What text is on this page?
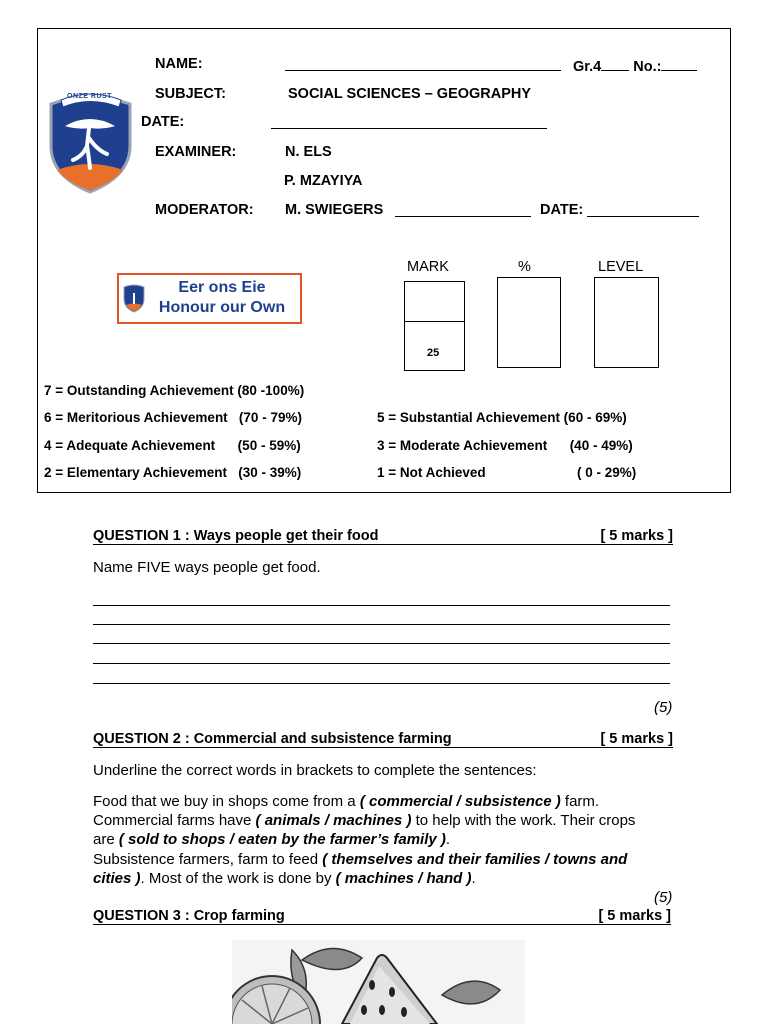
ONZE RUST
NAME:	Gr.4 No.:
SUBJECT:	SOCIAL SCIENCES – GEOGRAPHY
DATE:
EXAMINER:	N. ELS
P. MZAYIYA
MODERATOR: M. SWIEGERS	DATE:
Eer ons Eie
Honour our Own
MARK	%	LEVEL
25
7 = Outstanding Achievement (80 -100%)
6 = Meritorious Achievement   (70 - 79%)	5 = Substantial Achievement (60 - 69%)
4 = Adequate Achievement      (50 - 59%)	3 = Moderate Achievement      (40 - 49%)
2 = Elementary Achievement   (30 - 39%)	1 = Not Achieved	( 0 - 29%)
QUESTION 1 : Ways people get their food	[ 5 marks ]
Name FIVE ways people get food.
(5)
QUESTION 2 : Commercial and subsistence farming	[ 5 marks ]
Underline the correct words in brackets to complete the sentences:
Food that we buy in shops come from a ( commercial / subsistence ) farm.
Commercial farms have ( animals / machines ) to help with the work. Their crops
are ( sold to shops / eaten by the farmer’s family ).
Subsistence farmers, farm to feed ( themselves and their families / towns and
cities ). Most of the work is done by ( machines / hand ).
(5)
QUESTION 3 : Crop farming	[ 5 marks ]
